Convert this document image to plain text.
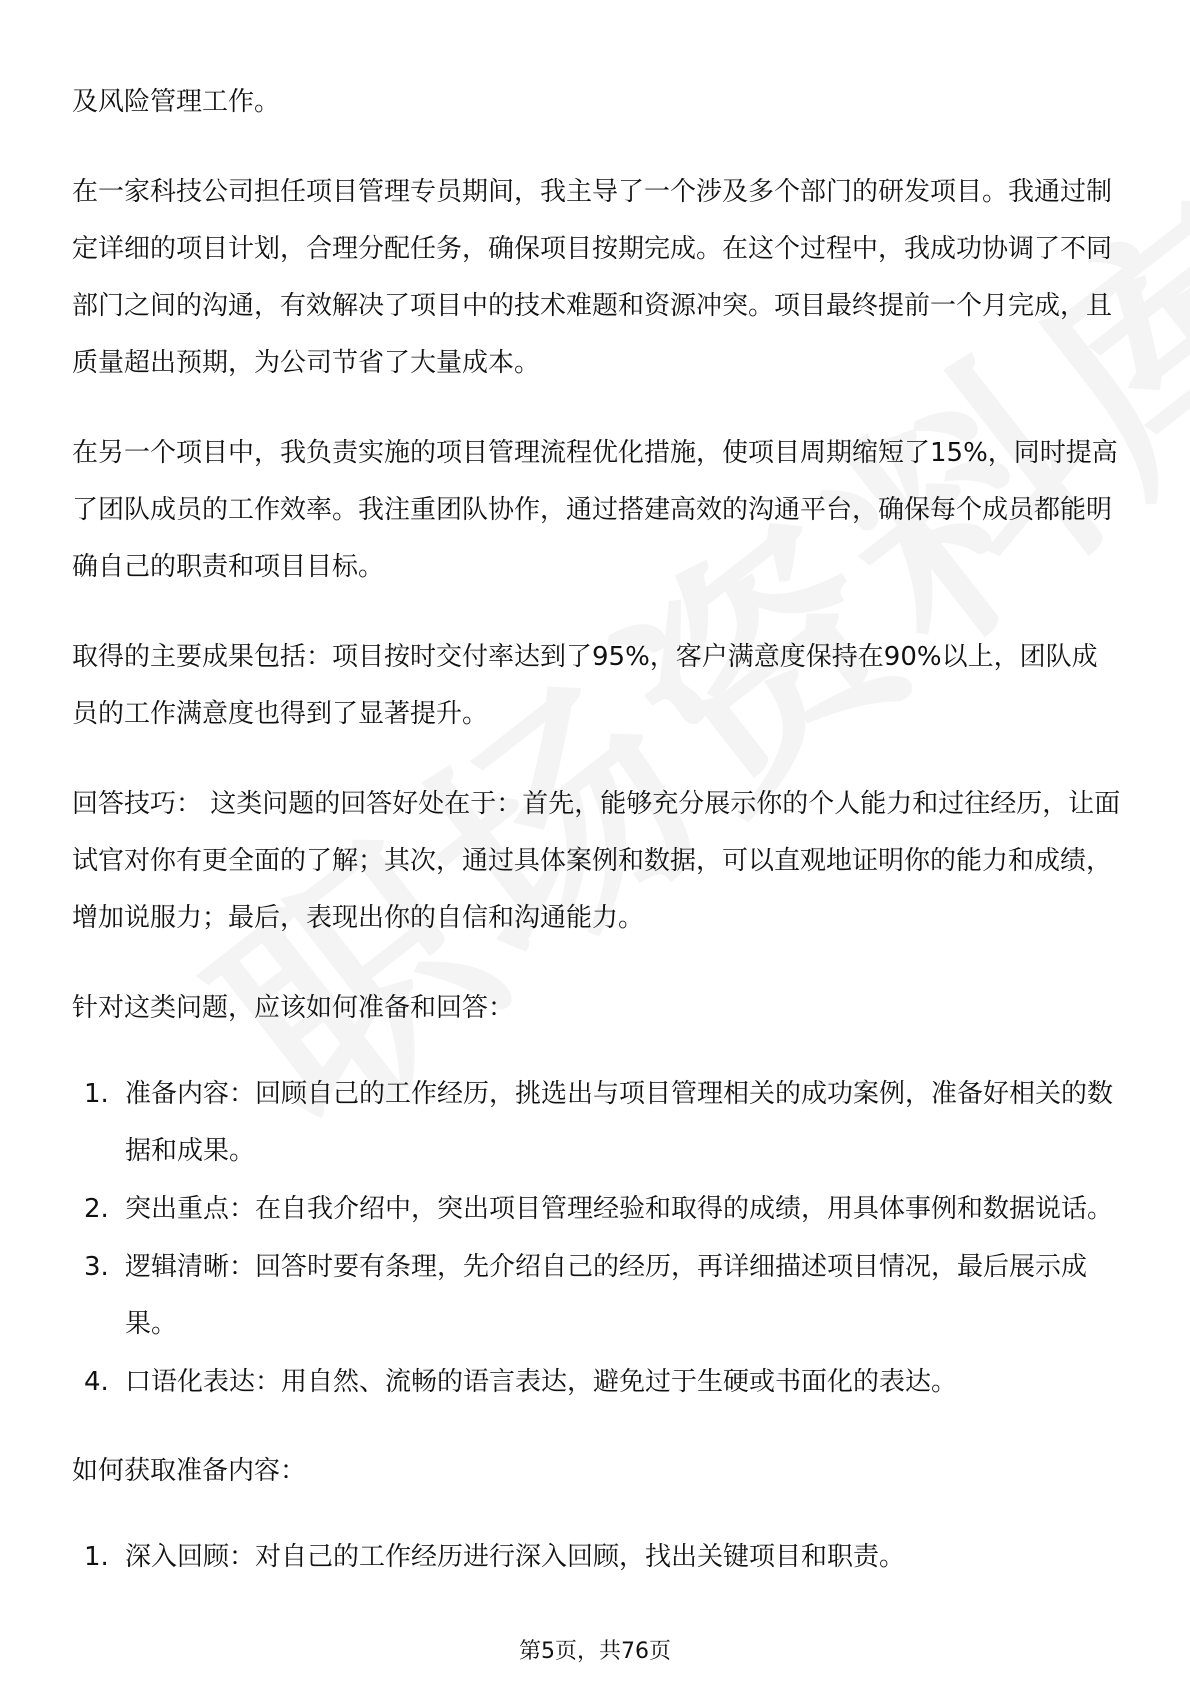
及风险管理工作。

在一家科技公司担任项目管理专员期间，我主导了一个涉及多个部门的研发项目。我通过制定详细的项目计划，合理分配任务，确保项目按期完成。在这个过程中，我成功协调了不同部门之间的沟通，有效解决了项目中的技术难题和资源冲突。项目最终提前一个月完成，且质量超出预期，为公司节省了大量成本。

在另一个项目中，我负责实施的项目管理流程优化措施，使项目周期缩短了15%，同时提高了团队成员的工作效率。我注重团队协作，通过搭建高效的沟通平台，确保每个成员都能明确自己的职责和项目目标。

取得的主要成果包括：项目按时交付率达到了95%，客户满意度保持在90%以上，团队成员的工作满意度也得到了显著提升。

回答技巧： 这类问题的回答好处在于：首先，能够充分展示你的个人能力和过往经历，让面试官对你有更全面的了解；其次，通过具体案例和数据，可以直观地证明你的能力和成绩，增加说服力；最后，表现出你的自信和沟通能力。

针对这类问题，应该如何准备和回答：

1. 准备内容：回顾自己的工作经历，挑选出与项目管理相关的成功案例，准备好相关的数据和成果。
2. 突出重点：在自我介绍中，突出项目管理经验和取得的成绩，用具体事例和数据说话。
3. 逻辑清晰：回答时要有条理，先介绍自己的经历，再详细描述项目情况，最后展示成果。
4. 口语化表达：用自然、流畅的语言表达，避免过于生硬或书面化的表达。

如何获取准备内容：

1. 深入回顾：对自己的工作经历进行深入回顾，找出关键项目和职责。
第5页，共76页
